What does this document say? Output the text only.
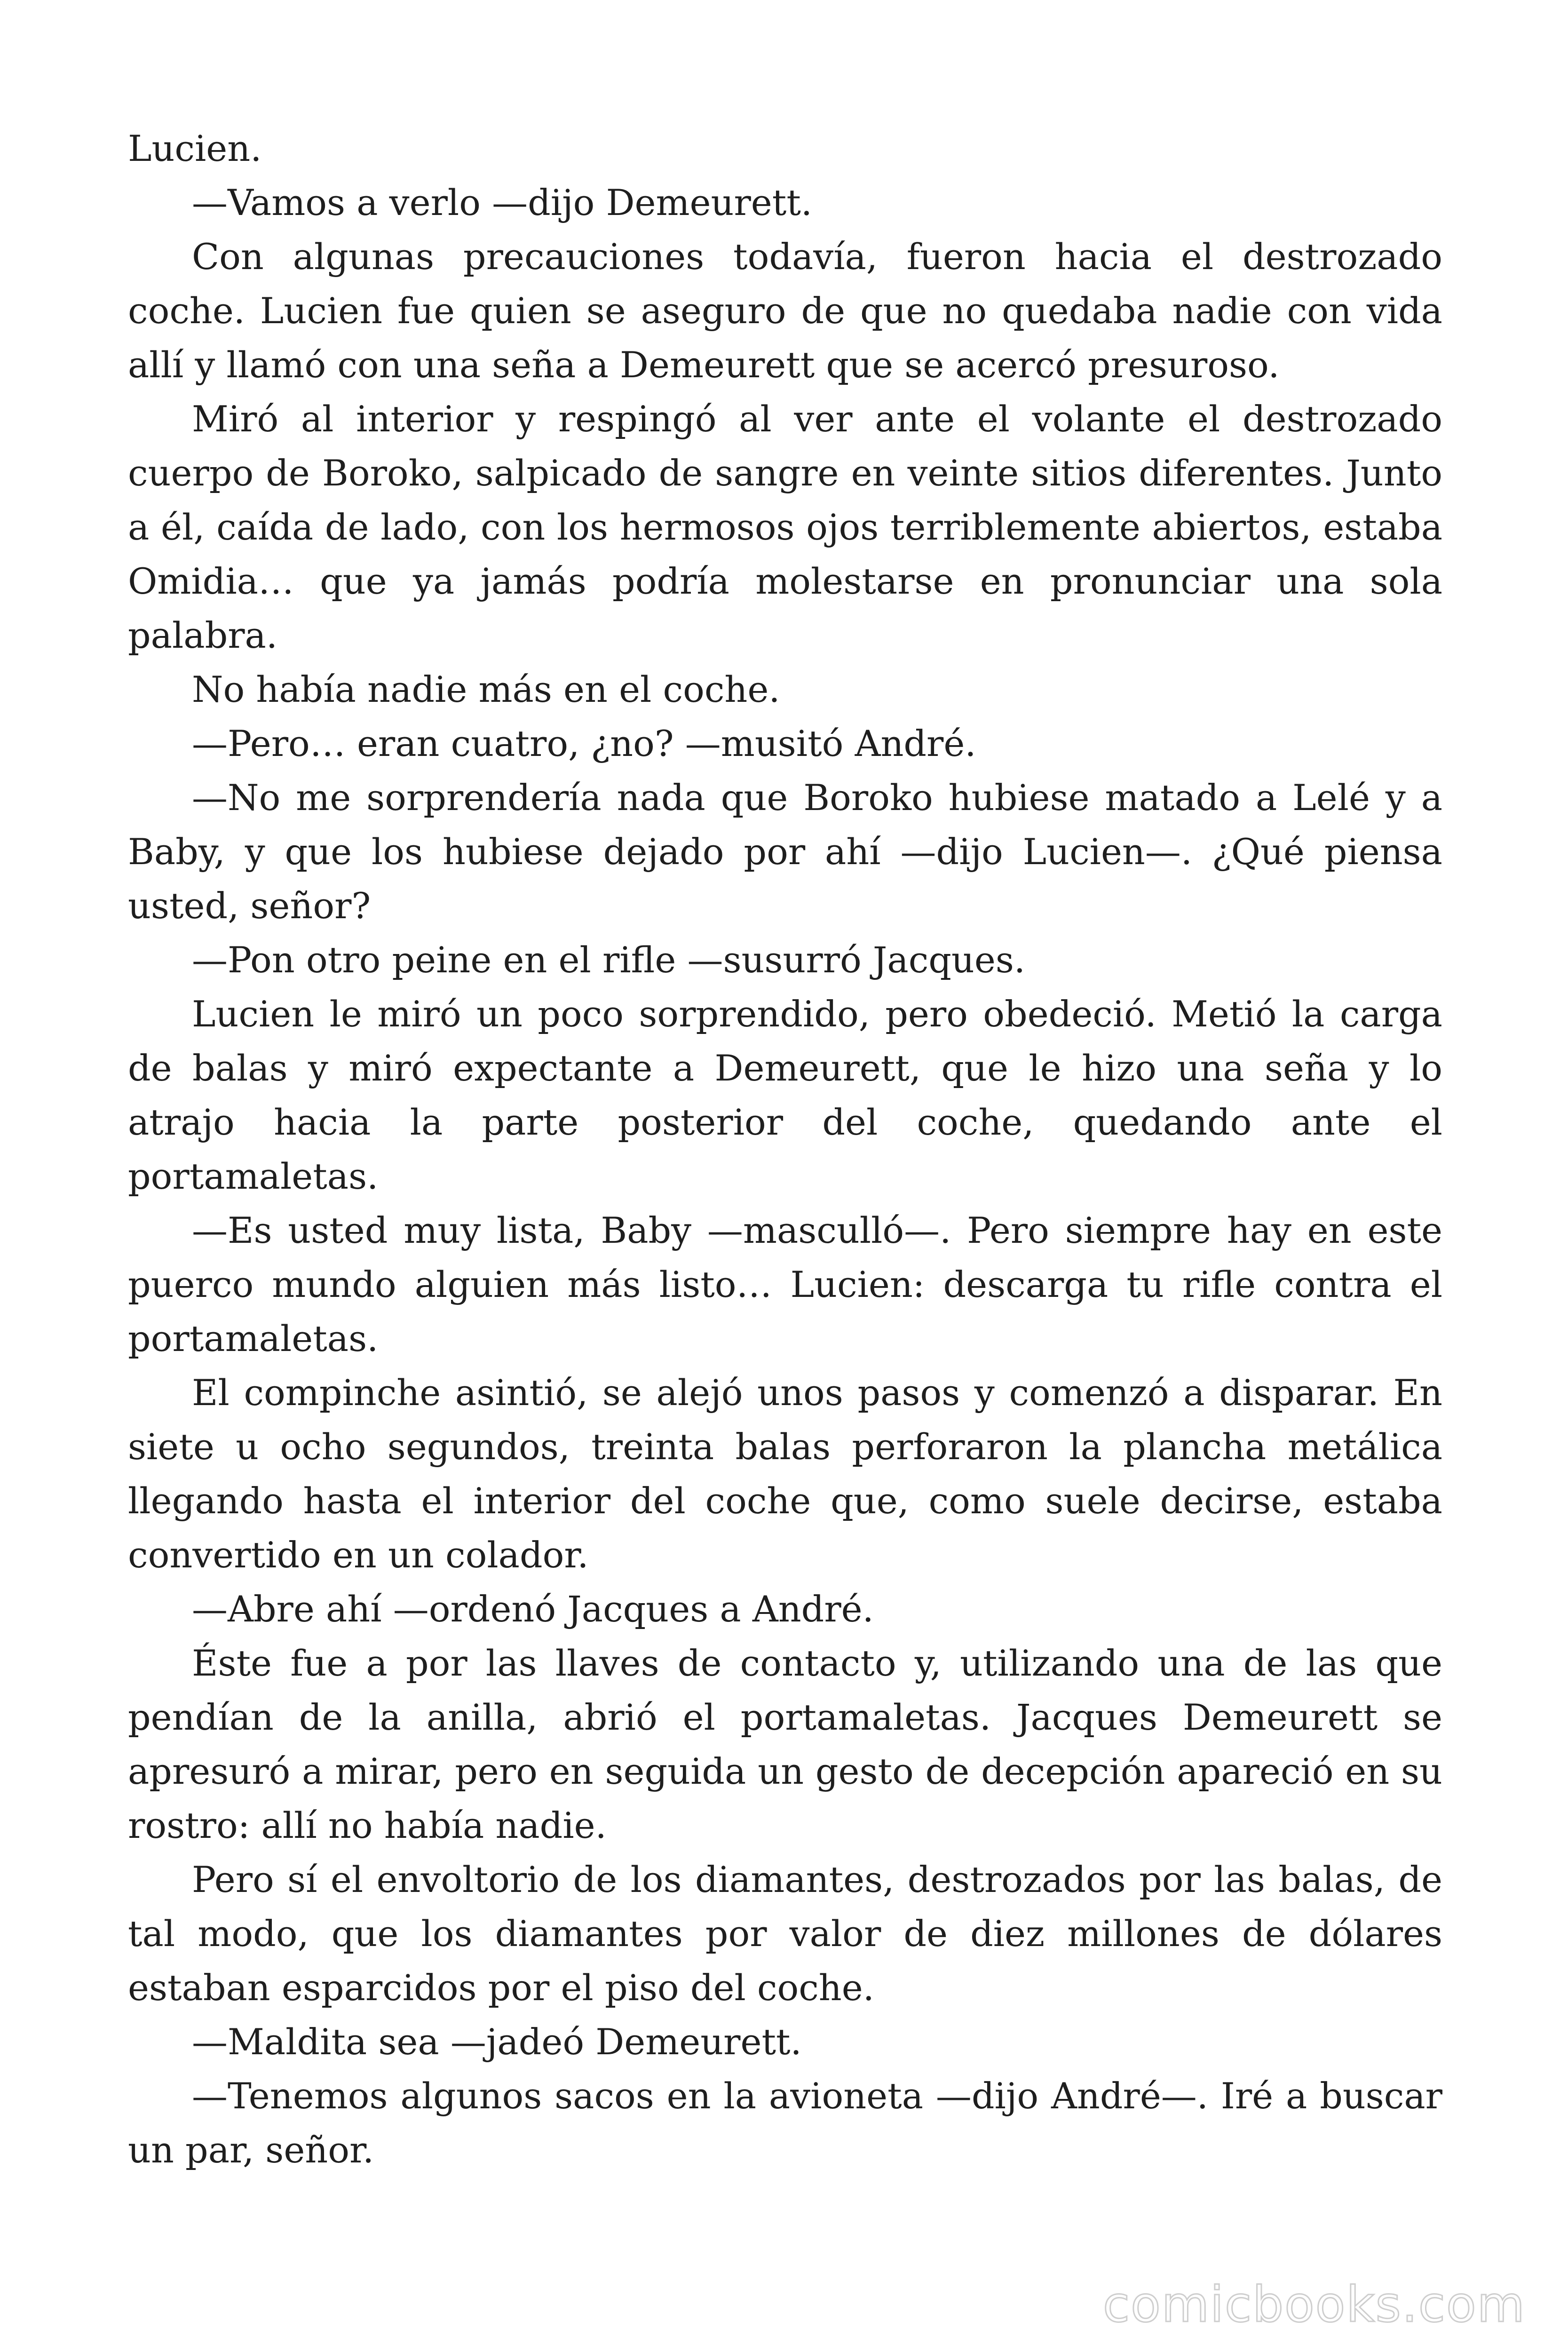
Lucien.

—Vamos a verlo —dijo Demeurett.

Con algunas precauciones todavía, fueron hacia el destrozado coche. Lucien fue quien se aseguro de que no quedaba nadie con vida allí y llamó con una seña a Demeurett que se acercó presuroso.

Miró al interior y respingó al ver ante el volante el destrozado cuerpo de Boroko, salpicado de sangre en veinte sitios diferentes. Junto a él, caída de lado, con los hermosos ojos terriblemente abiertos, estaba Omidia… que ya jamás podría molestarse en pronunciar una sola palabra.

No había nadie más en el coche.

—Pero… eran cuatro, ¿no? —musitó André.

—No me sorprendería nada que Boroko hubiese matado a Lelé y a Baby, y que los hubiese dejado por ahí —dijo Lucien—. ¿Qué piensa usted, señor?

—Pon otro peine en el rifle —susurró Jacques.

Lucien le miró un poco sorprendido, pero obedeció. Metió la carga de balas y miró expectante a Demeurett, que le hizo una seña y lo atrajo hacia la parte posterior del coche, quedando ante el portamaletas.

—Es usted muy lista, Baby —masculló—. Pero siempre hay en este puerco mundo alguien más listo… Lucien: descarga tu rifle contra el portamaletas.

El compinche asintió, se alejó unos pasos y comenzó a disparar. En siete u ocho segundos, treinta balas perforaron la plancha metálica llegando hasta el interior del coche que, como suele decirse, estaba convertido en un colador.

—Abre ahí —ordenó Jacques a André.

Éste fue a por las llaves de contacto y, utilizando una de las que pendían de la anilla, abrió el portamaletas. Jacques Demeurett se apresuró a mirar, pero en seguida un gesto de decepción apareció en su rostro: allí no había nadie.

Pero sí el envoltorio de los diamantes, destrozados por las balas, de tal modo, que los diamantes por valor de diez millones de dólares estaban esparcidos por el piso del coche.

—Maldita sea —jadeó Demeurett.

—Tenemos algunos sacos en la avioneta —dijo André—. Iré a buscar un par, señor.

comicbooks.com
